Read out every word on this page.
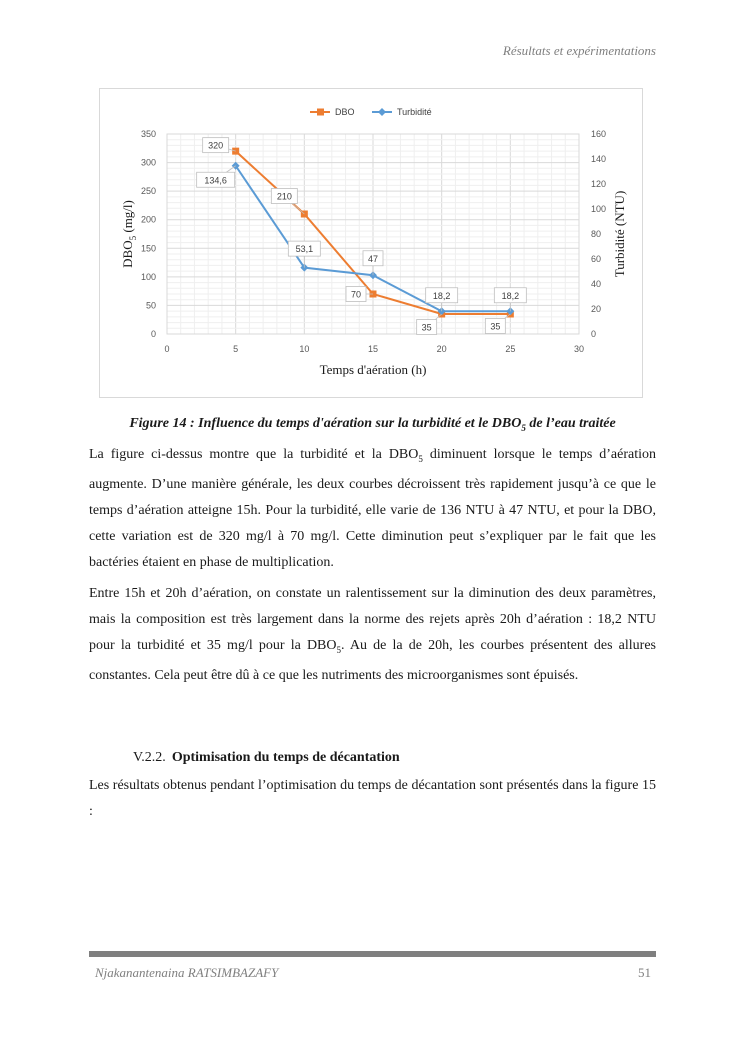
Résultats et expérimentations
0	5	10	15	20	25	30
0
50
100
150
200
250
300
350
0
20
40
60
80
100
120
140
160
Temps d'aération (h)
$DBO_5$ (mg/l)	Turbidité (NTU)
DBO	Turbidité
320
210
70
35	35
134,6
53,1
47
18,2	18,2
Figure 14 : Influence du temps d'aération sur la turbidité et le $DBO_5$ de l’eau traitée

La figure ci-dessus montre que la turbidité et la $DBO_5$ diminuent lorsque le temps d’aération augmente. D’une manière générale, les deux courbes décroissent très rapidement jusqu’à ce que le temps d’aération atteigne 15h. Pour la turbidité, elle varie de 136 NTU à 47 NTU, et pour la DBO, cette variation est de 320 mg/l à 70 mg/l. Cette diminution peut s’expliquer par le fait que les bactéries étaient en phase de multiplication.

Entre 15h et 20h d’aération, on constate un ralentissement sur la diminution des deux paramètres, mais la composition est très largement dans la norme des rejets après 20h d’aération : 18,2 NTU pour la turbidité et 35 mg/l pour la $DBO_5$. Au de la de 20h, les courbes présentent des allures constantes. Cela peut être dû à ce que les nutriments des microorganismes sont épuisés.

V.2.2. Optimisation du temps de décantation

Les résultats obtenus pendant l’optimisation du temps de décantation sont présentés dans la figure 15 :

Njakanantenaina RATSIMBAZAFY	51
